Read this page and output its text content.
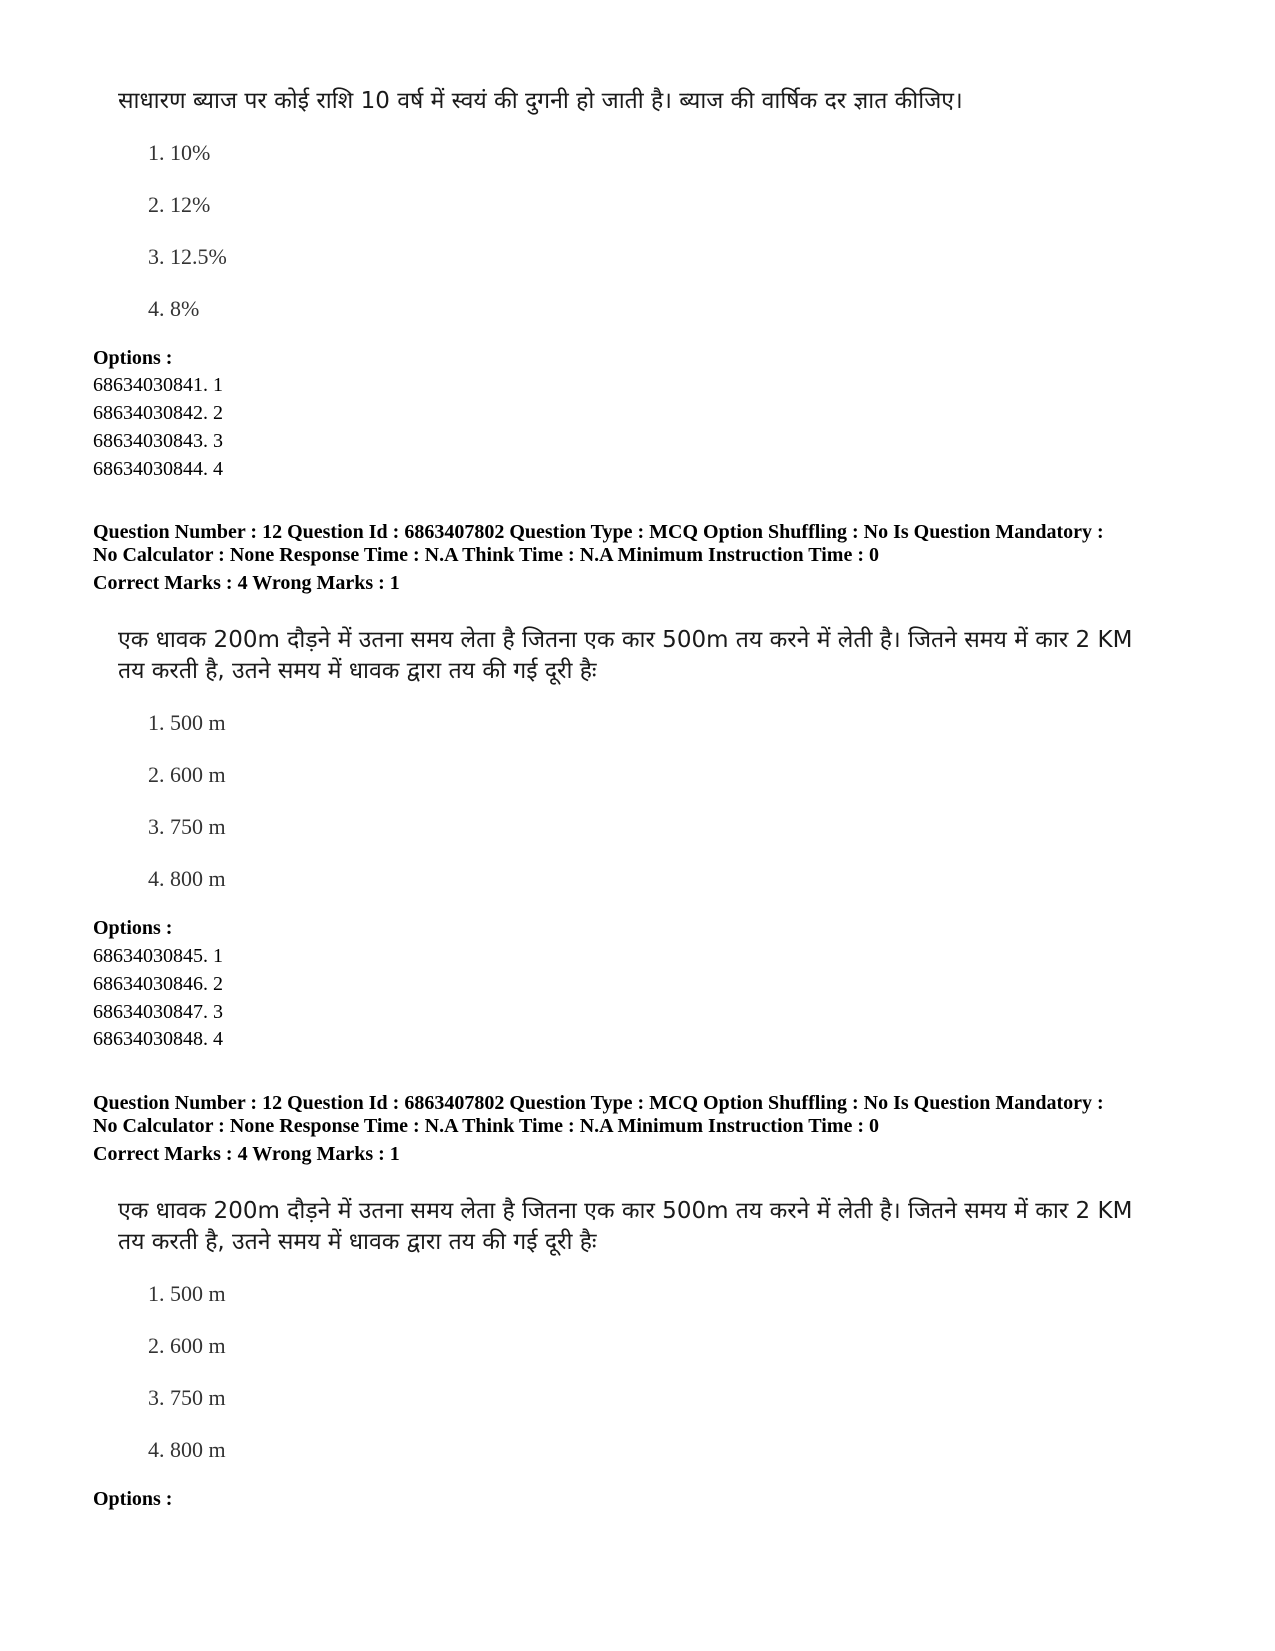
साधारण ब्याज पर कोई राशि 10 वर्ष में स्वयं की दुगनी हो जाती है। ब्याज की वार्षिक दर ज्ञात कीजिए।

1. 10%

2. 12%

3. 12.5%

4. 8%

Options :

68634030841. 1

68634030842. 2

68634030843. 3

68634030844. 4

Question Number : 12 Question Id : 6863407802 Question Type : MCQ Option Shuffling : No Is Question Mandatory :

No Calculator : None Response Time : N.A Think Time : N.A Minimum Instruction Time : 0

Correct Marks : 4 Wrong Marks : 1

एक धावक 200m दौड़ने में उतना समय लेता है जितना एक कार 500m तय करने में लेती है। जितने समय में कार 2 KM
तय करती है, उतने समय में धावक द्वारा तय की गई दूरी हैः

1. 500 m

2. 600 m

3. 750 m

4. 800 m

Options :

68634030845. 1

68634030846. 2

68634030847. 3

68634030848. 4

Question Number : 12 Question Id : 6863407802 Question Type : MCQ Option Shuffling : No Is Question Mandatory :

No Calculator : None Response Time : N.A Think Time : N.A Minimum Instruction Time : 0

Correct Marks : 4 Wrong Marks : 1

एक धावक 200m दौड़ने में उतना समय लेता है जितना एक कार 500m तय करने में लेती है। जितने समय में कार 2 KM
तय करती है, उतने समय में धावक द्वारा तय की गई दूरी हैः

1. 500 m

2. 600 m

3. 750 m

4. 800 m

Options :
